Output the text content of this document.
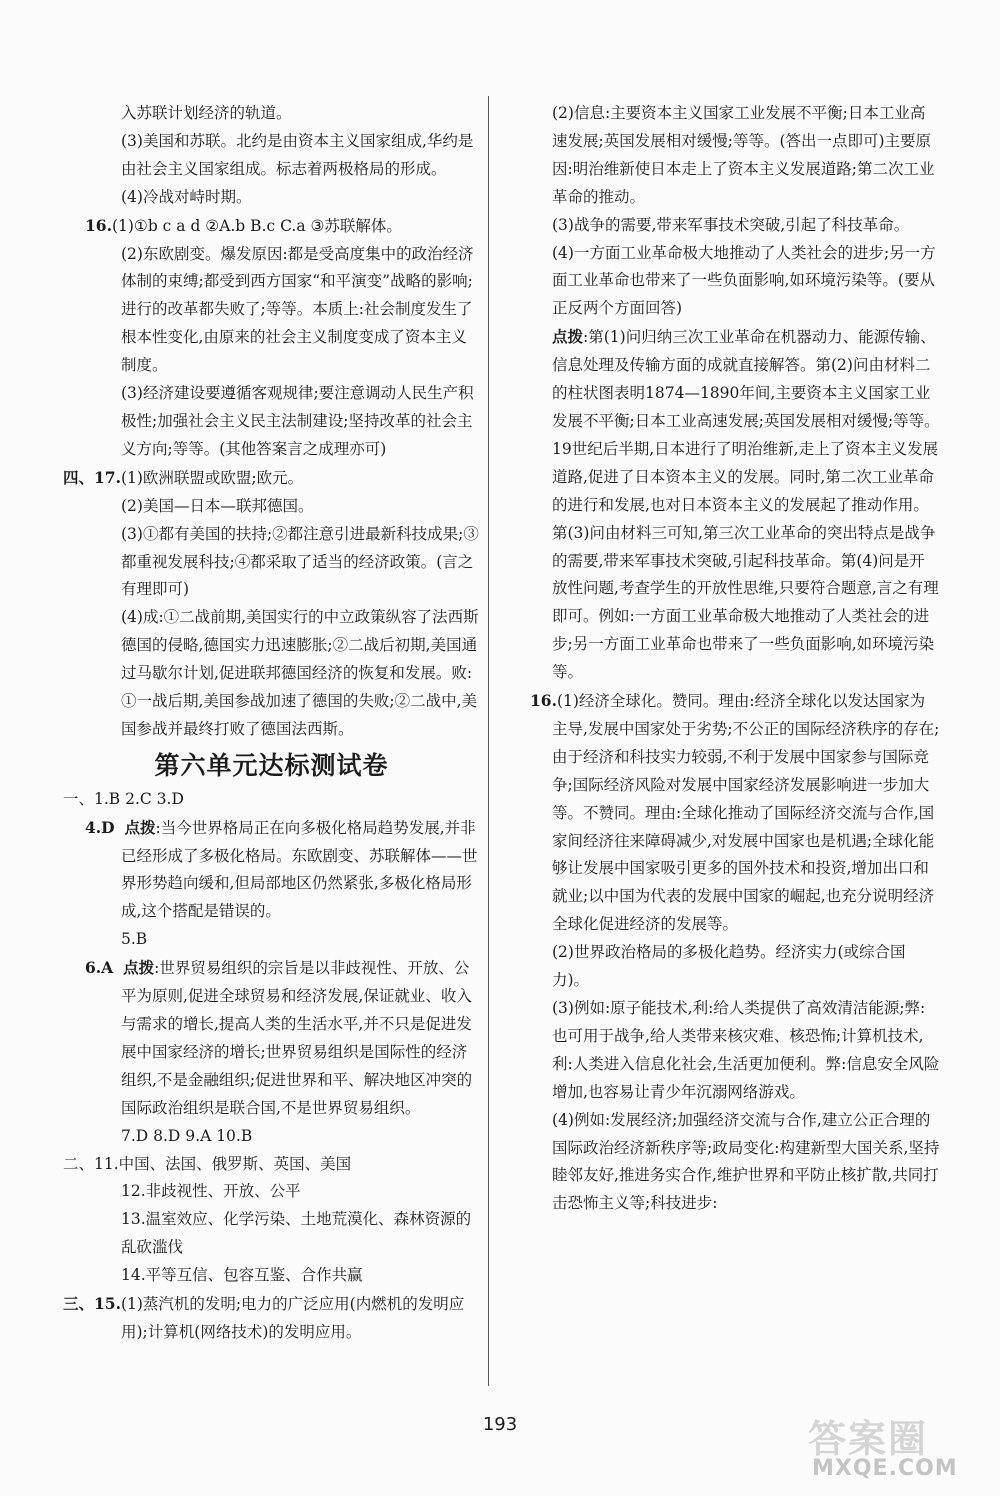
入苏联计划经济的轨道。
(3)美国和苏联。北约是由资本主义国家组成,华约是由社会主义国家组成。标志着两极格局的形成。
(4)冷战对峙时期。
16.(1)①b c a d ②A.b B.c C.a ③苏联解体。
(2)东欧剧变。爆发原因:都是受高度集中的政治经济体制的束缚;都受到西方国家“和平演变”战略的影响;进行的改革都失败了;等等。本质上:社会制度发生了根本性变化,由原来的社会主义制度变成了资本主义制度。
(3)经济建设要遵循客观规律;要注意调动人民生产积极性;加强社会主义民主法制建设;坚持改革的社会主义方向;等等。(其他答案言之成理亦可)
四、17.(1)欧洲联盟或欧盟;欧元。
(2)美国—日本—联邦德国。
(3)①都有美国的扶持;②都注意引进最新科技成果;③都重视发展科技;④都采取了适当的经济政策。(言之有理即可)
(4)成:①二战前期,美国实行的中立政策纵容了法西斯德国的侵略,德国实力迅速膨胀;②二战后初期,美国通过马歇尔计划,促进联邦德国经济的恢复和发展。败:①一战后期,美国参战加速了德国的失败;②二战中,美国参战并最终打败了德国法西斯。
第六单元达标测试卷
一、1.B 2.C 3.D
4.D 点拨:当今世界格局正在向多极化格局趋势发展,并非已经形成了多极化格局。东欧剧变、苏联解体——世界形势趋向缓和,但局部地区仍然紧张,多极化格局形成,这个搭配是错误的。
5.B
6.A 点拨:世界贸易组织的宗旨是以非歧视性、开放、公平为原则,促进全球贸易和经济发展,保证就业、收入与需求的增长,提高人类的生活水平,并不只是促进发展中国家经济的增长;世界贸易组织是国际性的经济组织,不是金融组织;促进世界和平、解决地区冲突的国际政治组织是联合国,不是世界贸易组织。
7.D 8.D 9.A 10.B
二、11.中国、法国、俄罗斯、英国、美国
12.非歧视性、开放、公平
13.温室效应、化学污染、土地荒漠化、森林资源的乱砍滥伐
14.平等互信、包容互鉴、合作共赢
三、15.(1)蒸汽机的发明;电力的广泛应用(内燃机的发明应用);计算机(网络技术)的发明应用。
(2)信息:主要资本主义国家工业发展不平衡;日本工业高速发展;英国发展相对缓慢;等等。(答出一点即可)主要原因:明治维新使日本走上了资本主义发展道路;第二次工业革命的推动。
(3)战争的需要,带来军事技术突破,引起了科技革命。
(4)一方面工业革命极大地推动了人类社会的进步;另一方面工业革命也带来了一些负面影响,如环境污染等。(要从正反两个方面回答)
点拨:第(1)问归纳三次工业革命在机器动力、能源传输、信息处理及传输方面的成就直接解答。第(2)问由材料二的柱状图表明1874—1890年间,主要资本主义国家工业发展不平衡;日本工业高速发展;英国发展相对缓慢;等等。19世纪后半期,日本进行了明治维新,走上了资本主义发展道路,促进了日本资本主义的发展。同时,第二次工业革命的进行和发展,也对日本资本主义的发展起了推动作用。第(3)问由材料三可知,第三次工业革命的突出特点是战争的需要,带来军事技术突破,引起科技革命。第(4)问是开放性问题,考查学生的开放性思维,只要符合题意,言之有理即可。例如:一方面工业革命极大地推动了人类社会的进步;另一方面工业革命也带来了一些负面影响,如环境污染等。
16.(1)经济全球化。赞同。理由:经济全球化以发达国家为主导,发展中国家处于劣势;不公正的国际经济秩序的存在;由于经济和科技实力较弱,不利于发展中国家参与国际竞争;国际经济风险对发展中国家经济发展影响进一步加大等。不赞同。理由:全球化推动了国际经济交流与合作,国家间经济往来障碍减少,对发展中国家也是机遇;全球化能够让发展中国家吸引更多的国外技术和投资,增加出口和就业;以中国为代表的发展中国家的崛起,也充分说明经济全球化促进经济的发展等。
(2)世界政治格局的多极化趋势。经济实力(或综合国力)。
(3)例如:原子能技术,利:给人类提供了高效清洁能源;弊:也可用于战争,给人类带来核灾难、核恐怖;计算机技术,利:人类进入信息化社会,生活更加便利。弊:信息安全风险增加,也容易让青少年沉溺网络游戏。
(4)例如:发展经济;加强经济交流与合作,建立公正合理的国际政治经济新秩序等;政局变化:构建新型大国关系,坚持睦邻友好,推进务实合作,维护世界和平防止核扩散,共同打击恐怖主义等;科技进步:
193	答案圈
MXQE.COM
